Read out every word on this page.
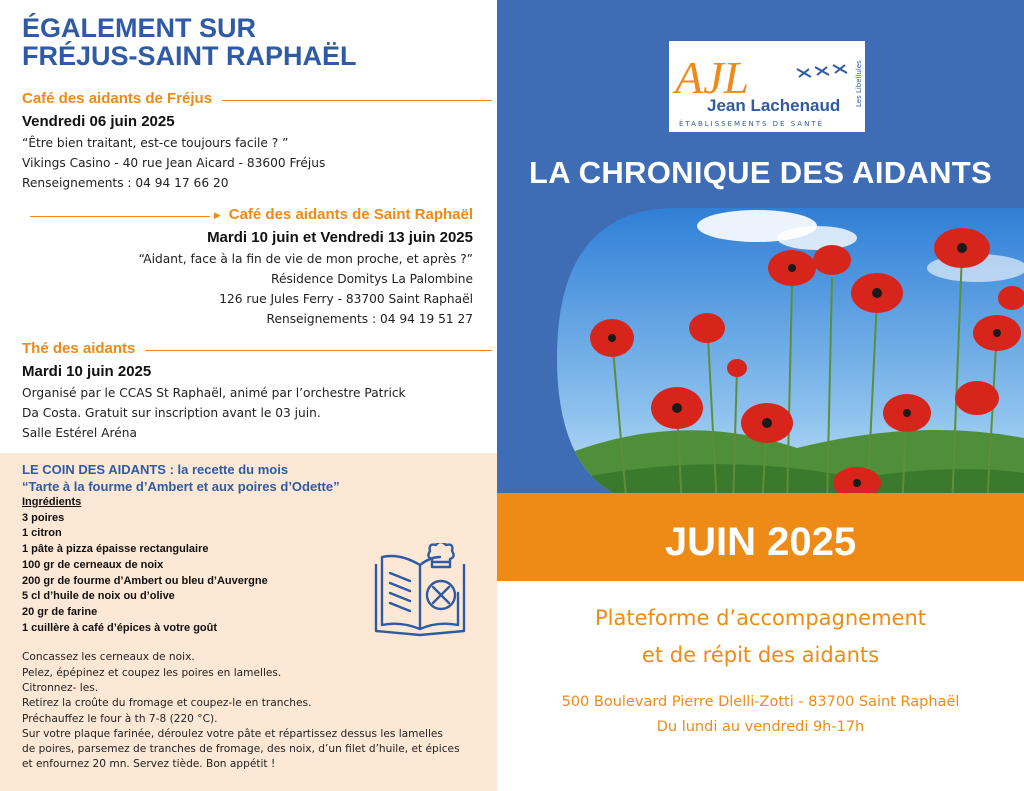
ÉGALEMENT SUR
FRÉJUS-SAINT RAPHAËL
Café des aidants de Fréjus
Vendredi 06 juin 2025
“Être bien traitant, est-ce toujours facile ? ”
Vikings Casino - 40 rue Jean Aicard - 83600 Fréjus
Renseignements : 04 94 17 66 20
▶ Café des aidants de Saint Raphaël
Mardi 10 juin et Vendredi 13 juin 2025
“Aidant, face à la fin de vie de mon proche, et après ?”
Résidence Domitys La Palombine
126 rue Jules Ferry - 83700 Saint Raphaël
Renseignements : 04 94 19 51 27
Thé des aidants
Mardi 10 juin 2025
Organisé par le CCAS St Raphaël, animé par l’orchestre Patrick
Da Costa. Gratuit sur inscription avant le 03 juin.
Salle Estérel Aréna
LE COIN DES AIDANTS : la recette du mois
“Tarte à la fourme d’Ambert et aux poires d’Odette”
Ingrédients
3 poires
1 citron
1 pâte à pizza épaisse rectangulaire
100 gr de cerneaux de noix
200 gr de fourme d’Ambert ou bleu d’Auvergne
5 cl d’huile de noix ou d’olive
20 gr de farine
1 cuillère à café d’épices à votre goût
Concassez les cerneaux de noix.
Pelez, épépinez et coupez les poires en lamelles.
Citronnez- les.
Retirez la croûte du fromage et coupez-le en tranches.
Préchauffez le four à th 7-8 (220 °C).
Sur votre plaque farinée, déroulez votre pâte et répartissez dessus les lamelles
de poires, parsemez de tranches de fromage, des noix, d’un filet d’huile, et épices
et enfournez 20 mn. Servez tiède. Bon appétit !
AJL	Les Libellules
Jean Lachenaud
ÉTABLISSEMENTS DE SANTÉ
LA CHRONIQUE DES AIDANTS
JUIN 2025
Plateforme d’accompagnement
et de répit des aidants
500 Boulevard Pierre Dlelli-Zotti - 83700 Saint Raphaël
Du lundi au vendredi 9h-17h
